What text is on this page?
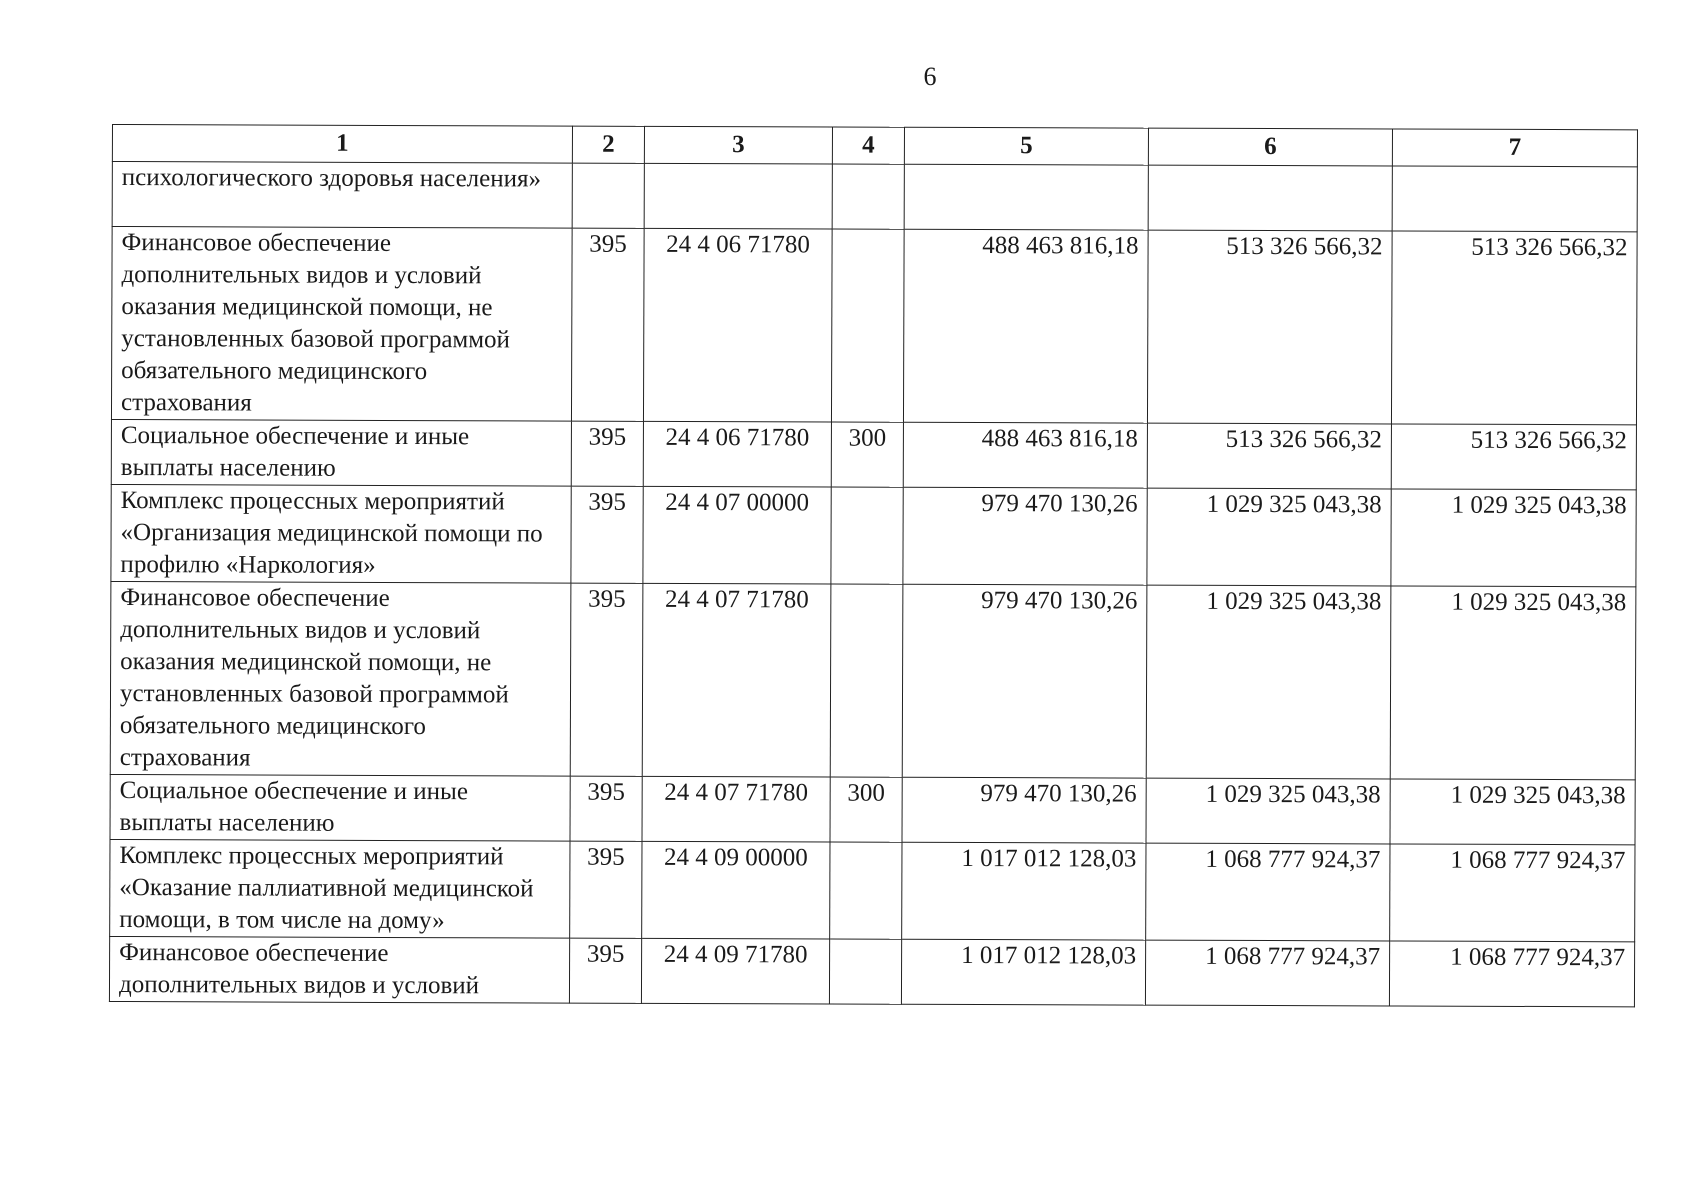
6
1	2	3	4	5	6	7
психологического здоровья населения»						
Финансовое обеспечение дополнительных видов и условий оказания медицинской помощи, не установленных базовой программой обязательного медицинского страхования	395	24 4 06 71780		488 463 816,18	513 326 566,32	513 326 566,32
Социальное обеспечение и иные выплаты населению	395	24 4 06 71780	300	488 463 816,18	513 326 566,32	513 326 566,32
Комплекс процессных мероприятий «Организация медицинской помощи по профилю «Наркология»	395	24 4 07 00000		979 470 130,26	1 029 325 043,38	1 029 325 043,38
Финансовое обеспечение дополнительных видов и условий оказания медицинской помощи, не установленных базовой программой обязательного медицинского страхования	395	24 4 07 71780		979 470 130,26	1 029 325 043,38	1 029 325 043,38
Социальное обеспечение и иные выплаты населению	395	24 4 07 71780	300	979 470 130,26	1 029 325 043,38	1 029 325 043,38
Комплекс процессных мероприятий «Оказание паллиативной медицинской помощи, в том числе на дому»	395	24 4 09 00000		1 017 012 128,03	1 068 777 924,37	1 068 777 924,37
Финансовое обеспечение дополнительных видов и условий	395	24 4 09 71780		1 017 012 128,03	1 068 777 924,37	1 068 777 924,37
